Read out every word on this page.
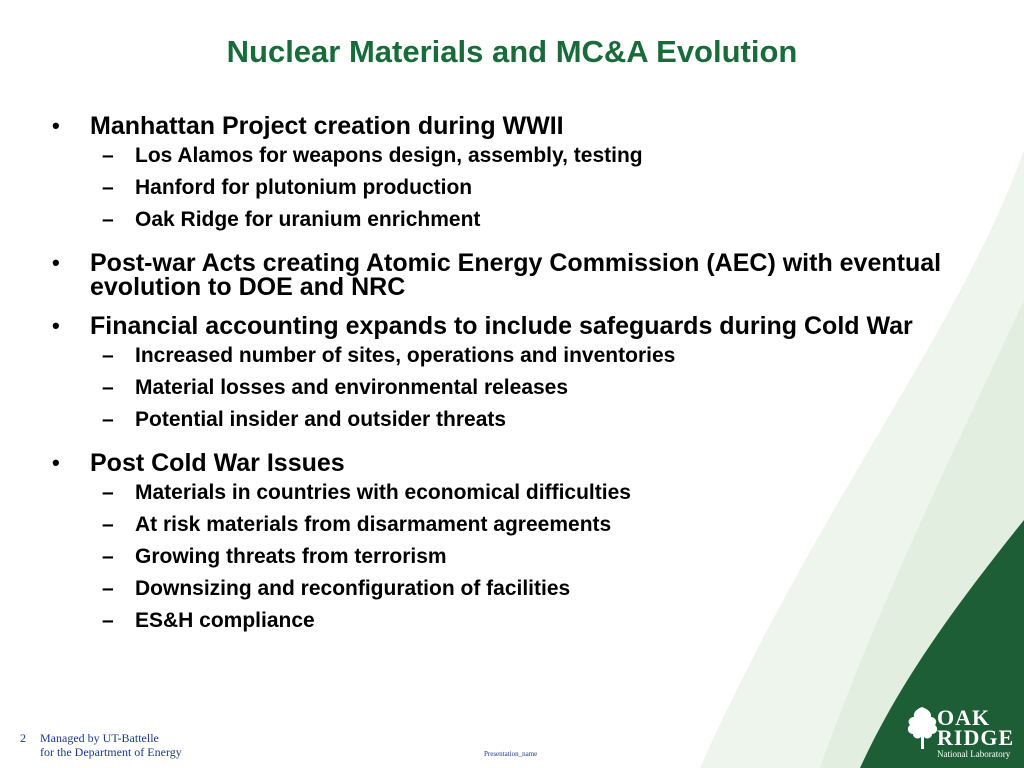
Nuclear Materials and MC&A Evolution
• Manhattan Project creation during WWII
– Los Alamos for weapons design, assembly, testing
– Hanford for plutonium production
– Oak Ridge for uranium enrichment
• Post-war Acts creating Atomic Energy Commission (AEC) with eventual evolution to DOE and NRC
• Financial accounting expands to include safeguards during Cold War
– Increased number of sites, operations and inventories
– Material losses and environmental releases
– Potential insider and outsider threats
• Post Cold War Issues
– Materials in countries with economical difficulties
– At risk materials from disarmament agreements
– Growing threats from terrorism
– Downsizing and reconfiguration of facilities
– ES&H compliance
2 Managed by UT-Battelle
for the Department of Energy	Presentation_name
OAK
RIDGE
National Laboratory
